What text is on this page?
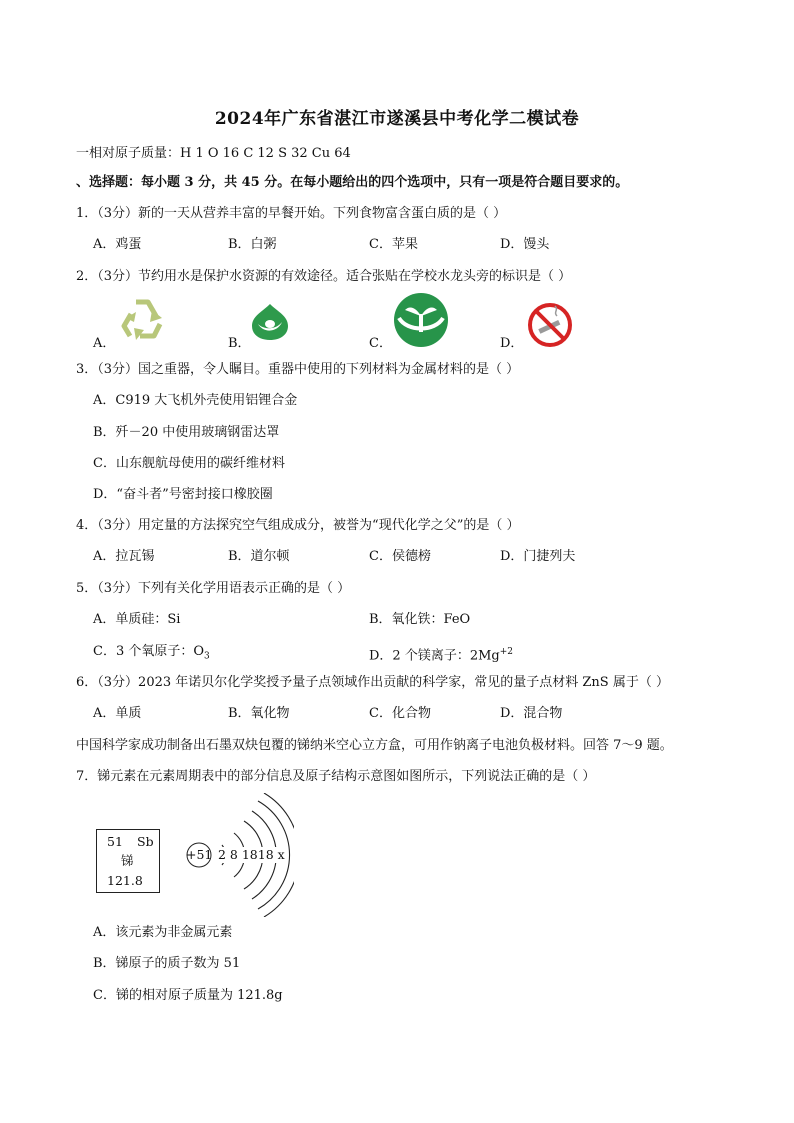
2024年广东省湛江市遂溪县中考化学二模试卷
一相对原子质量：H 1 O 16 C 12 S 32 Cu 64
、选择题：每小题 3 分，共 45 分。在每小题给出的四个选项中，只有一项是符合题目要求的。
1．（3分）新的一天从营养丰富的早餐开始。下列食物富含蛋白质的是（ ）
A．鸡蛋	B．白粥	C．苹果	D．馒头
2．（3分）节约用水是保护水资源的有效途径。适合张贴在学校水龙头旁的标识是（ ）
A．	B．	C．	D．
3．（3分）国之重器，令人瞩目。重器中使用的下列材料为金属材料的是（ ）
A．C919 大飞机外壳使用铝锂合金
B．歼－20 中使用玻璃钢雷达罩
C．山东舰航母使用的碳纤维材料
D．“奋斗者”号密封接口橡胶圈
4．（3分）用定量的方法探究空气组成成分，被誉为“现代化学之父”的是（ ）
A．拉瓦锡	B．道尔顿	C．侯德榜	D．门捷列夫
5．（3分）下列有关化学用语表示正确的是（ ）
A．单质硅：Si	B．氧化铁：FeO
C．3 个氧原子：$O_3$	D．2 个镁离子：$2Mg^{+2}$
6．（3分）2023 年诺贝尔化学奖授予量子点领域作出贡献的科学家，常见的量子点材料 ZnS 属于（ ）
A．单质	B．氧化物	C．化合物	D．混合物
中国科学家成功制备出石墨双炔包覆的锑纳米空心立方盒，可用作钠离子电池负极材料。回答 7～9 题。
7．锑元素在元素周期表中的部分信息及原子结构示意图如图所示，下列说法正确的是（ ）
51 Sb
锑
121.8
+51 2 8 1818 x
A．该元素为非金属元素
B．锑原子的质子数为 51
C．锑的相对原子质量为 121.8g
